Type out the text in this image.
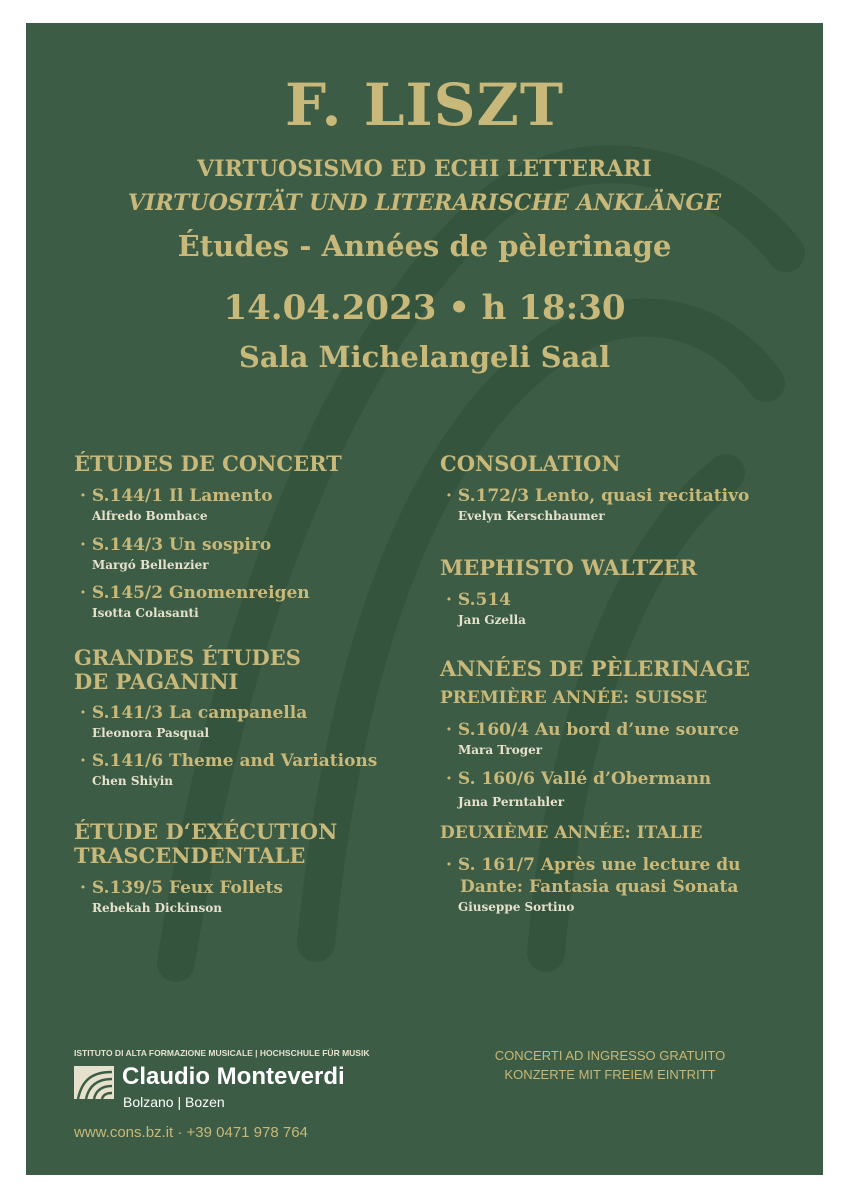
F. LISZT
VIRTUOSISMO ED ECHI LETTERARI
VIRTUOSITÄT UND LITERARISCHE ANKLÄNGE
Études - Années de pèlerinage
14.04.2023 • h 18:30
Sala Michelangeli Saal
ÉTUDES DE CONCERT
· S.144/1 Il Lamento
Alfredo Bombace
· S.144/3 Un sospiro
Margó Bellenzier
· S.145/2 Gnomenreigen
Isotta Colasanti
GRANDES ÉTUDES
DE PAGANINI
· S.141/3 La campanella
Eleonora Pasqual
· S.141/6 Theme and Variations
Chen Shiyin
ÉTUDE D‘EXÉCUTION
TRASCENDENTALE
· S.139/5 Feux Follets
Rebekah Dickinson
CONSOLATION
· S.172/3 Lento, quasi recitativo
Evelyn Kerschbaumer
MEPHISTO WALTZER
· S.514
Jan Gzella
ANNÉES DE PÈLERINAGE
PREMIÈRE ANNÉE: SUISSE
· S.160/4 Au bord d’une source
Mara Troger
· S. 160/6 Vallé d’Obermann
Jana Perntahler
DEUXIÈME ANNÉE: ITALIE
· S. 161/7 Après une lecture du
Dante: Fantasia quasi Sonata
Giuseppe Sortino
ISTITUTO DI ALTA FORMAZIONE MUSICALE | HOCHSCHULE FÜR MUSIK
Claudio Monteverdi
Bolzano | Bozen
www.cons.bz.it · +39 0471 978 764
CONCERTI AD INGRESSO GRATUITO
KONZERTE MIT FREIEM EINTRITT
